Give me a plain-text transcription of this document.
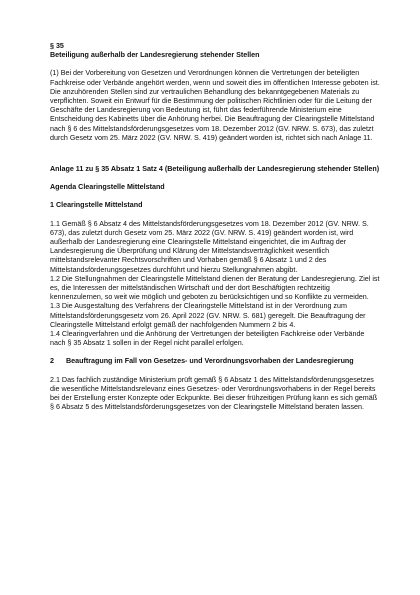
§ 35

Beteiligung außerhalb der Landesregierung stehender Stellen

(1) Bei der Vorbereitung von Gesetzen und Verordnungen können die Vertretungen der beteiligten Fachkreise oder Verbände angehört werden, wenn und soweit dies im öffentlichen Interesse geboten ist. Die anzuhörenden Stellen sind zur vertraulichen Behandlung des bekanntgegebenen Materials zu verpflichten. Soweit ein Entwurf für die Bestimmung der politischen Richtlinien oder für die Leitung der Geschäfte der Landesregierung von Bedeutung ist, führt das federführende Ministerium eine Entscheidung des Kabinetts über die Anhörung herbei. Die Beauftragung der Clearingstelle Mittelstand nach § 6 des Mittelstandsförderungsgesetzes vom 18. Dezember 2012 (GV. NRW. S. 673), das zuletzt durch Gesetz vom 25. März 2022 (GV. NRW. S. 419) geändert worden ist, richtet sich nach Anlage 11.

Anlage 11 zu § 35 Absatz 1 Satz 4 (Beteiligung außerhalb der Landesregierung stehender Stellen)

Agenda Clearingstelle Mittelstand

1 Clearingstelle Mittelstand

1.1 Gemäß § 6 Absatz 4 des Mittelstandsförderungsgesetzes vom 18. Dezember 2012 (GV. NRW. S. 673), das zuletzt durch Gesetz vom 25. März 2022 (GV. NRW. S. 419) geändert worden ist, wird außerhalb der Landesregierung eine Clearingstelle Mittelstand eingerichtet, die im Auftrag der Landesregierung die Überprüfung und Klärung der Mittelstandsverträglichkeit wesentlich mittelstandsrelevanter Rechtsvorschriften und Vorhaben gemäß § 6 Absatz 1 und 2 des Mittelstandsförderungsgesetzes durchführt und hierzu Stellungnahmen abgibt.

1.2 Die Stellungnahmen der Clearingstelle Mittelstand dienen der Beratung der Landesregierung. Ziel ist es, die Interessen der mittelständischen Wirtschaft und der dort Beschäftigten rechtzeitig kennenzulernen, so weit wie möglich und geboten zu berücksichtigen und so Konflikte zu vermeiden.

1.3 Die Ausgestaltung des Verfahrens der Clearingstelle Mittelstand ist in der Verordnung zum Mittelstandsförderungsgesetz vom 26. April 2022 (GV. NRW. S. 681) geregelt. Die Beauftragung der Clearingstelle Mittelstand erfolgt gemäß der nachfolgenden Nummern 2 bis 4.

1.4 Clearingverfahren und die Anhörung der Vertretungen der beteiligten Fachkreise oder Verbände nach § 35 Absatz 1 sollen in der Regel nicht parallel erfolgen.

2 Beauftragung im Fall von Gesetzes- und Verordnungsvorhaben der Landesregierung

2.1 Das fachlich zuständige Ministerium prüft gemäß § 6 Absatz 1 des Mittelstandsförderungsgesetzes die wesentliche Mittelstandsrelevanz eines Gesetzes- oder Verordnungsvorhabens in der Regel bereits bei der Erstellung erster Konzepte oder Eckpunkte. Bei dieser frühzeitigen Prüfung kann es sich gemäß § 6 Absatz 5 des Mittelstandsförderungsgesetzes von der Clearingstelle Mittelstand beraten lassen.
